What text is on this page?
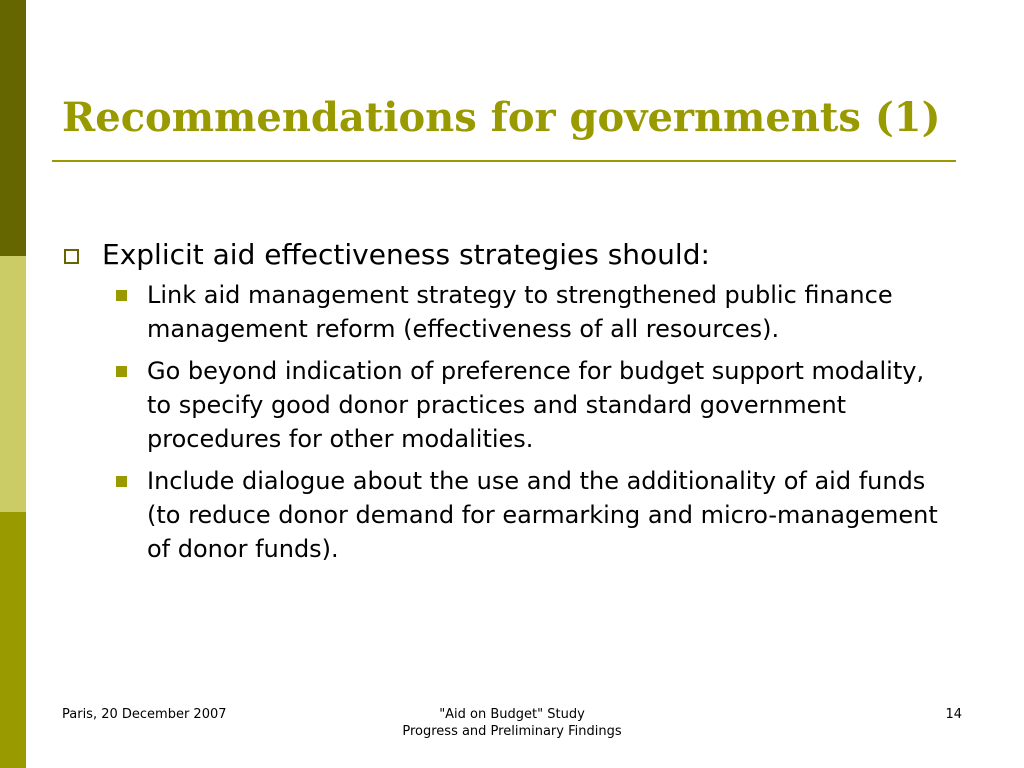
Recommendations for governments (1)
Explicit aid effectiveness strategies should:
Link aid management strategy to strengthened public finance management reform (effectiveness of all resources).
Go beyond indication of preference for budget support modality, to specify good donor practices and standard government procedures for other modalities.
Include dialogue about the use and the additionality of aid funds (to reduce donor demand for earmarking and micro-management of donor funds).
Paris, 20 December 2007	"Aid on Budget" Study
Progress and Preliminary Findings
14
